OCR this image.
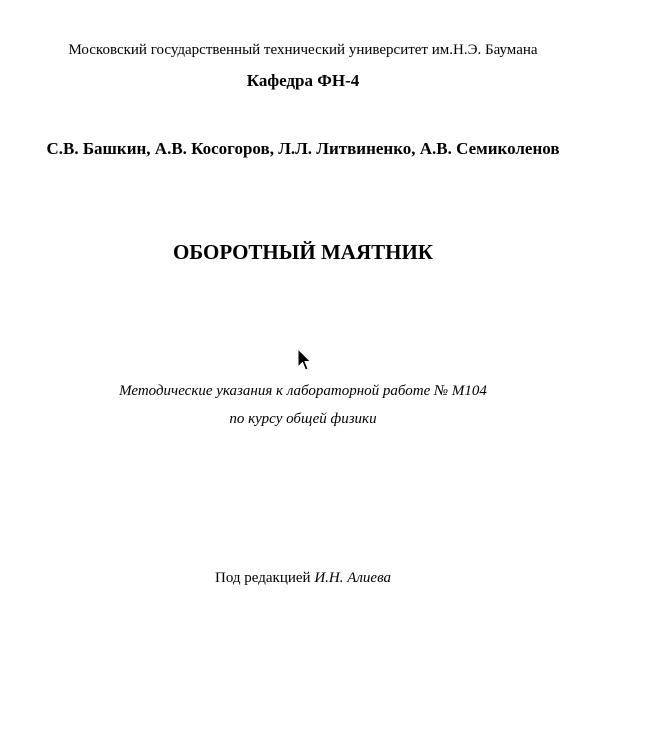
Московский государственный технический университет им.Н.Э. Баумана
Кафедра ФН-4
С.В. Башкин, А.В. Косогоров, Л.Л. Литвиненко, А.В. Семиколенов
ОБОРОТНЫЙ МАЯТНИК
Методические указания к лабораторной работе № М104
по курсу общей физики
Под редакцией И.Н. Алиева
